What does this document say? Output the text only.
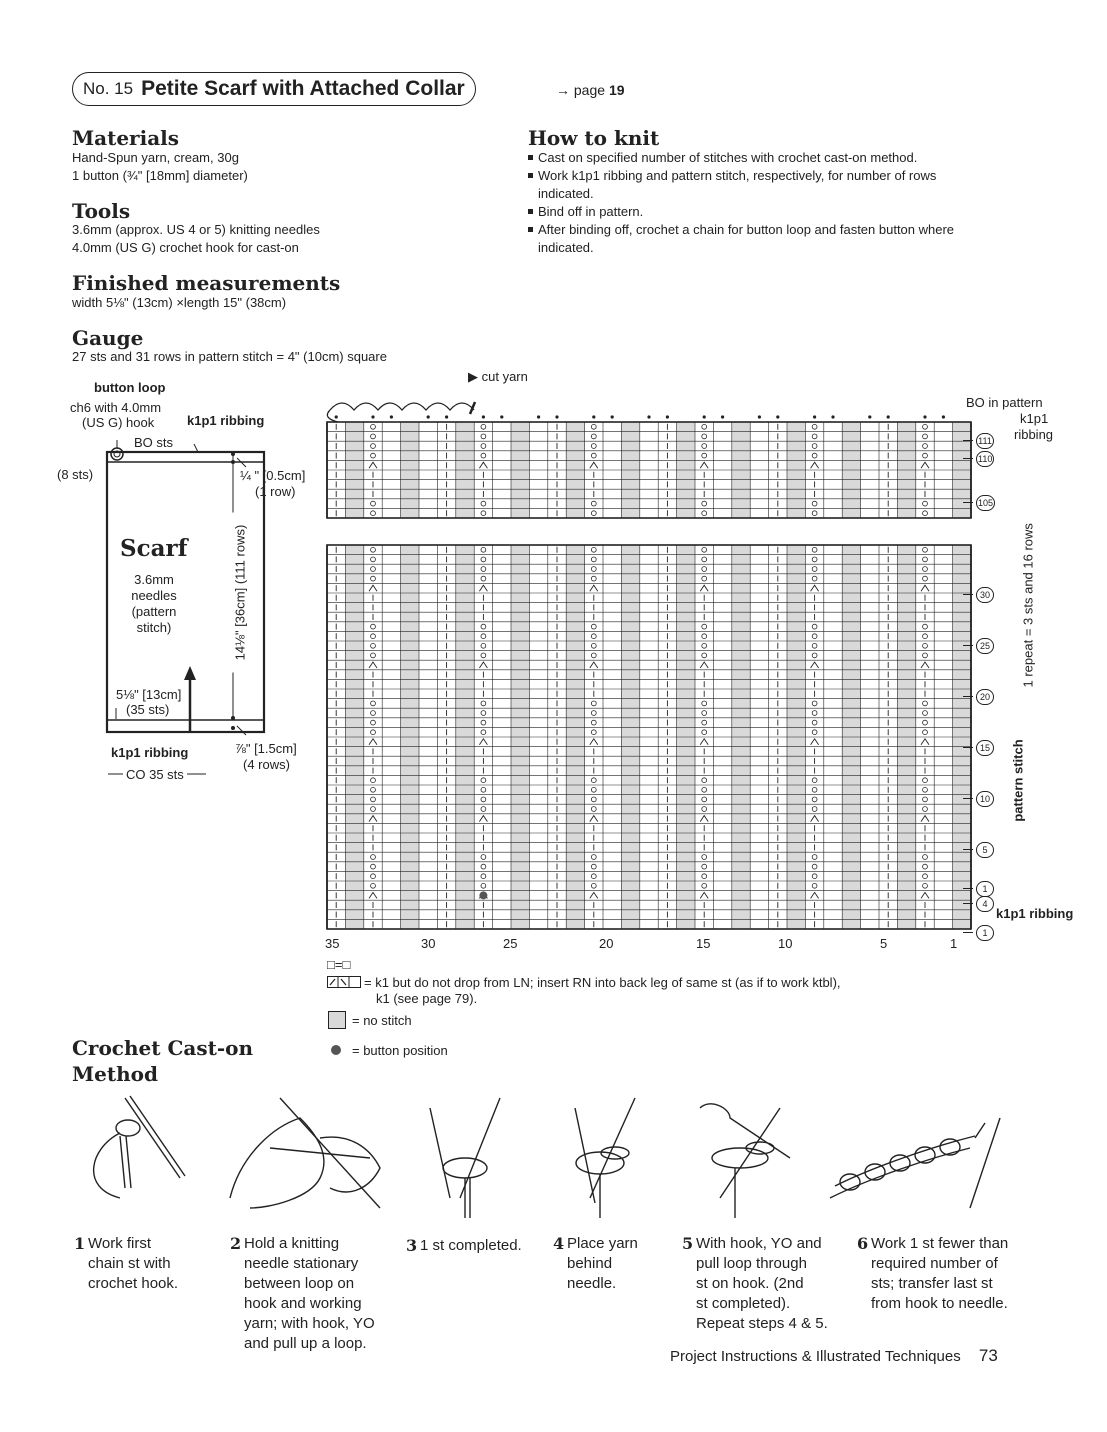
No. 15 Petite Scarf with Attached Collar	→ page 19
Materials
Hand-Spun yarn, cream, 30g
1 button (¾" [18mm] diameter)
Tools
3.6mm (approx. US 4 or 5) knitting needles
4.0mm (US G) crochet hook for cast-on
Finished measurements
width 5⅛" (13cm) ×length 15" (38cm)
Gauge
27 sts and 31 rows in pattern stitch = 4" (10cm) square
How to knit
Cast on specified number of stitches with crochet cast-on method.
Work k1p1 ribbing and pattern stitch, respectively, for number of rows indicated.
Bind off in pattern.
After binding off, crochet a chain for button loop and fasten button where indicated.
button loop
ch6 with 4.0mm
(US G) hook	k1p1 ribbing
BO sts
(8 sts)
Scarf
3.6mm
needles
(pattern
stitch)
¼ " [0.5cm]
(1 row)
14⅛" [36cm] (111 rows)
5⅛" [13cm]
(35 sts)
k1p1 ribbing
CO 35 sts
⅞" [1.5cm]
(4 rows)
▶ cut yarn
BO in pattern
k1p1
ribbing
111
110
105
30
25
20
15
10
5
1
4
1
1 repeat = 3 sts and 16 rows
pattern stitch
k1p1 ribbing
35	30	25	20	15	10	5	1
□=□
= k1 but do not drop from LN; insert RN into back leg of same st (as if to work ktbl),
k1 (see page 79).
= no stitch
= button position
Crochet Cast-on
Method
1 Work first
chain st with
crochet hook.
2 Hold a knitting
needle stationary
between loop on
hook and working
yarn; with hook, YO
and pull up a loop.
3 1 st completed.	4 Place yarn
behind
needle.
5 With hook, YO and
pull loop through
st on hook. (2nd
st completed).
Repeat steps 4 & 5.
6 Work 1 st fewer than
required number of
sts; transfer last st
from hook to needle.
Project Instructions & Illustrated Techniques 73
